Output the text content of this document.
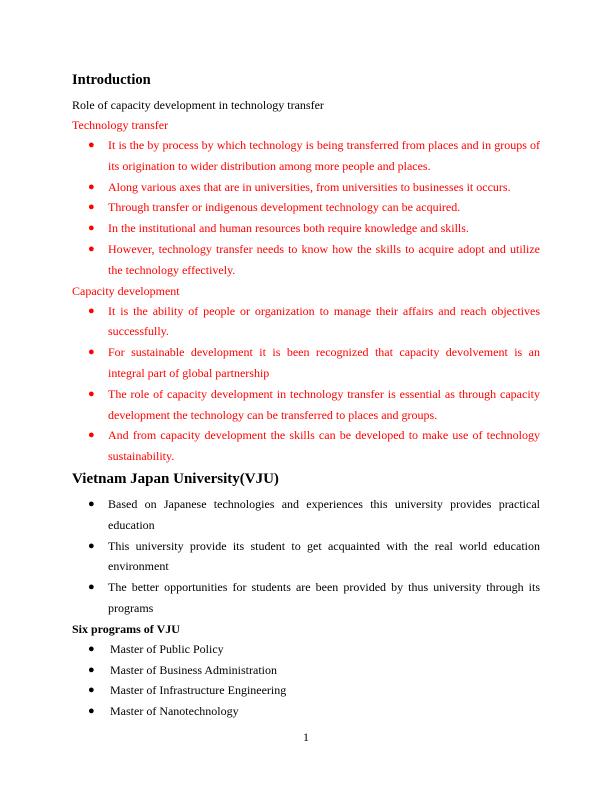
Introduction

Role of capacity development in technology transfer

Technology transfer

● It is the by process by which technology is being transferred from places and in groups of its origination to wider distribution among more people and places.
● Along various axes that are in universities, from universities to businesses it occurs.
● Through transfer or indigenous development technology can be acquired.
● In the institutional and human resources both require knowledge and skills.
● However, technology transfer needs to know how the skills to acquire adopt and utilize the technology effectively.

Capacity development

● It is the ability of people or organization to manage their affairs and reach objectives successfully.
● For sustainable development it is been recognized that capacity devolvement is an integral part of global partnership
● The role of capacity development in technology transfer is essential as through capacity development the technology can be transferred to places and groups.
● And from capacity development the skills can be developed to make use of technology sustainability.
Vietnam Japan University(VJU)
● Based on Japanese technologies and experiences this university provides practical education
● This university provide its student to get acquainted with the real world education environment
● The better opportunities for students are been provided by thus university through its programs

Six programs of VJU

● Master of Public Policy
● Master of Business Administration
● Master of Infrastructure Engineering
● Master of Nanotechnology
1
